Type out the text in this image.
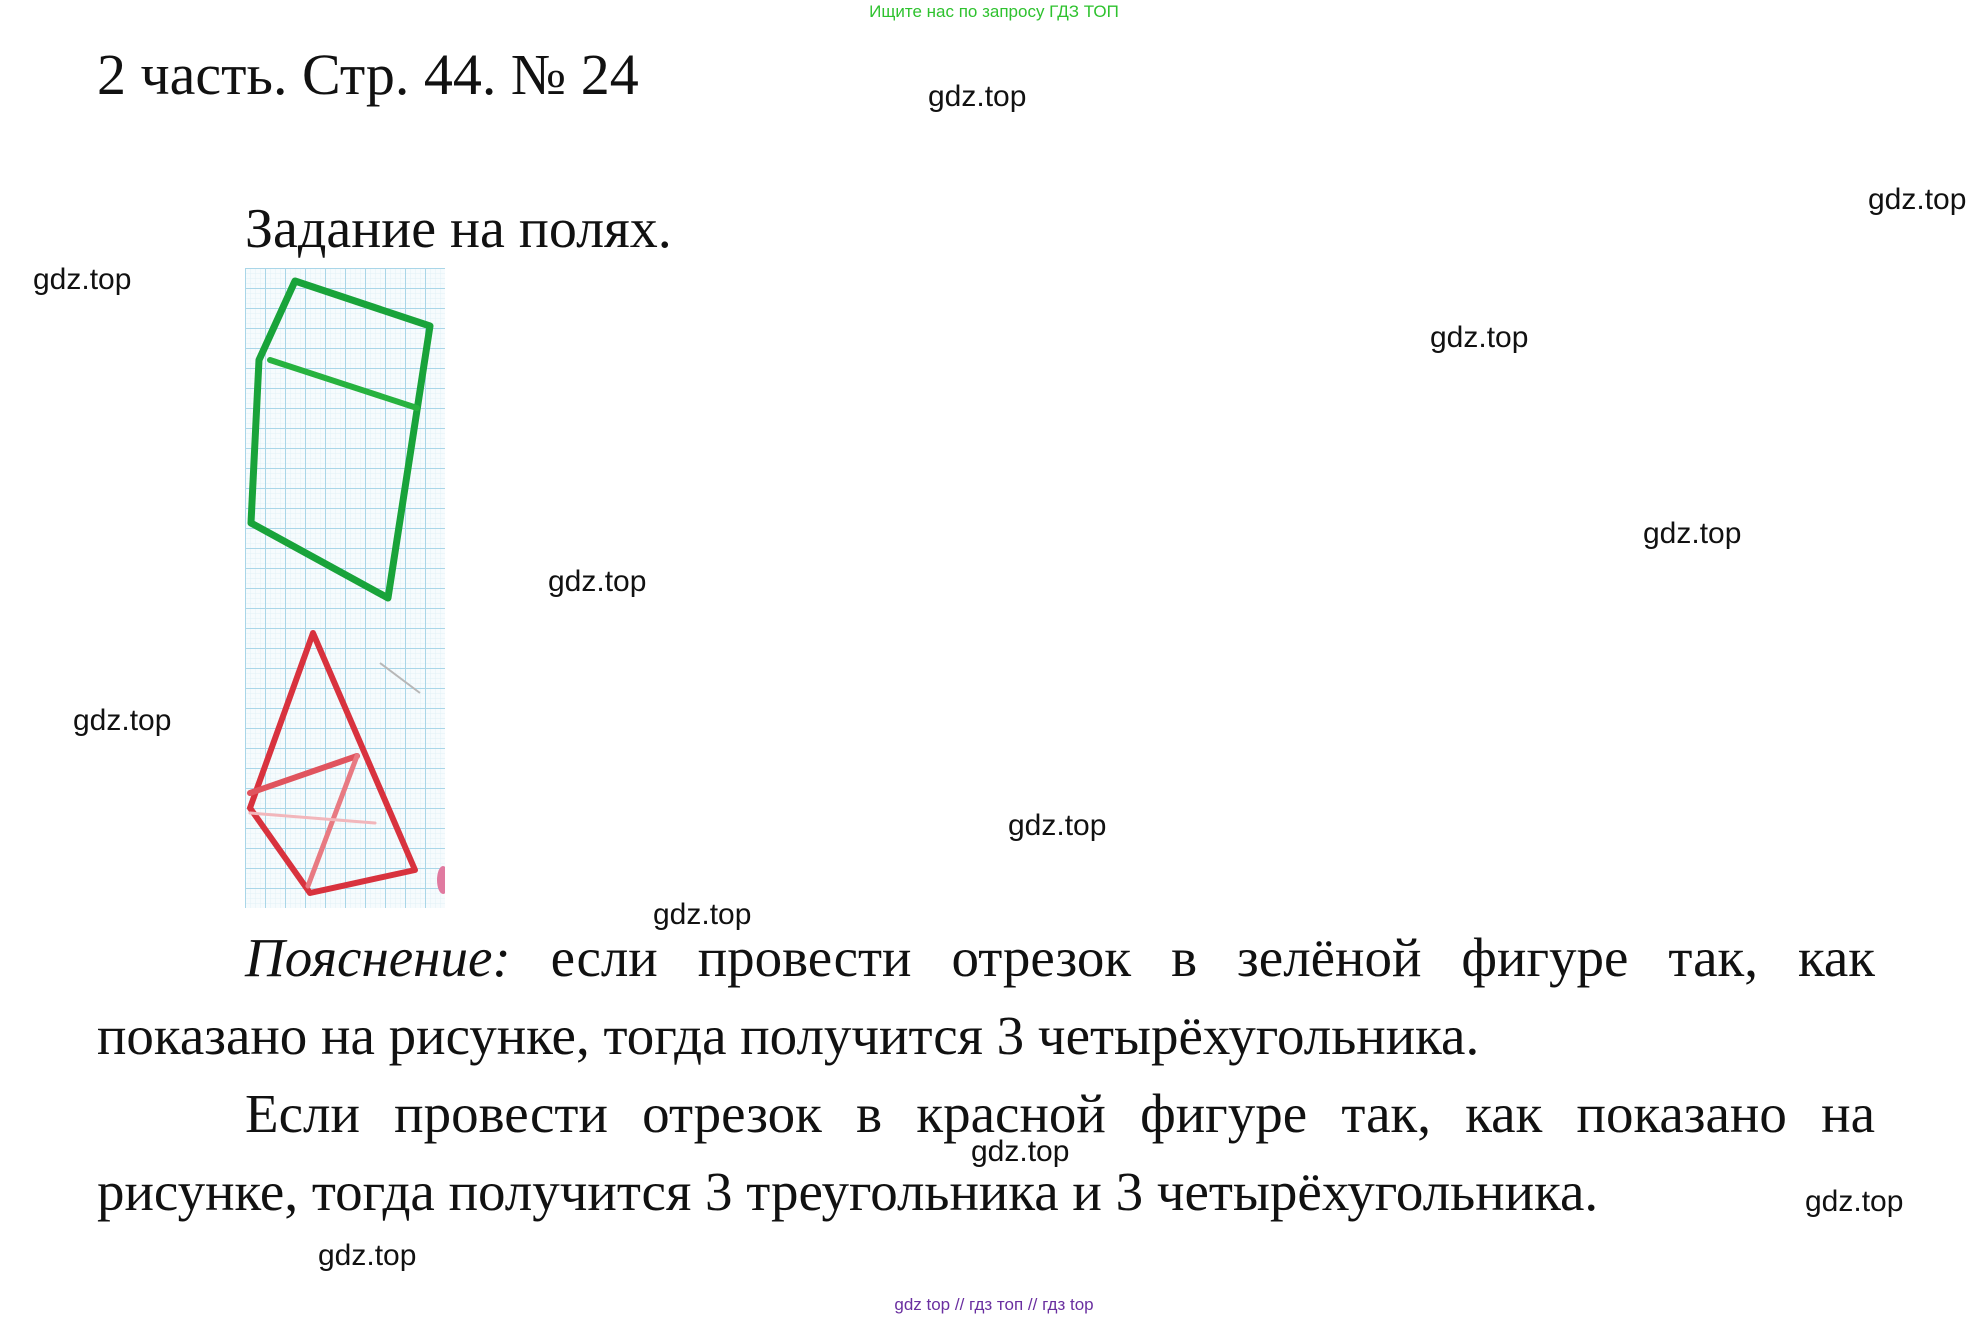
Ищите нас по запросу ГДЗ ТОП
2 часть. Стр. 44. № 24
Задание на полях.
Пояснение: если провести отрезок в зелёной фигуре так, как
показано на рисунке, тогда получится 3 четырёхугольника.
Если провести отрезок в красной фигуре так, как показано на
рисунке, тогда получится 3 треугольника и 3 четырёхугольника.
gdz.top
gdz.top
gdz.top
gdz.top
gdz.top
gdz.top
gdz.top
gdz.top
gdz.top
gdz.top
gdz.top
gdz.top
gdz top // гдз топ // гдз top
